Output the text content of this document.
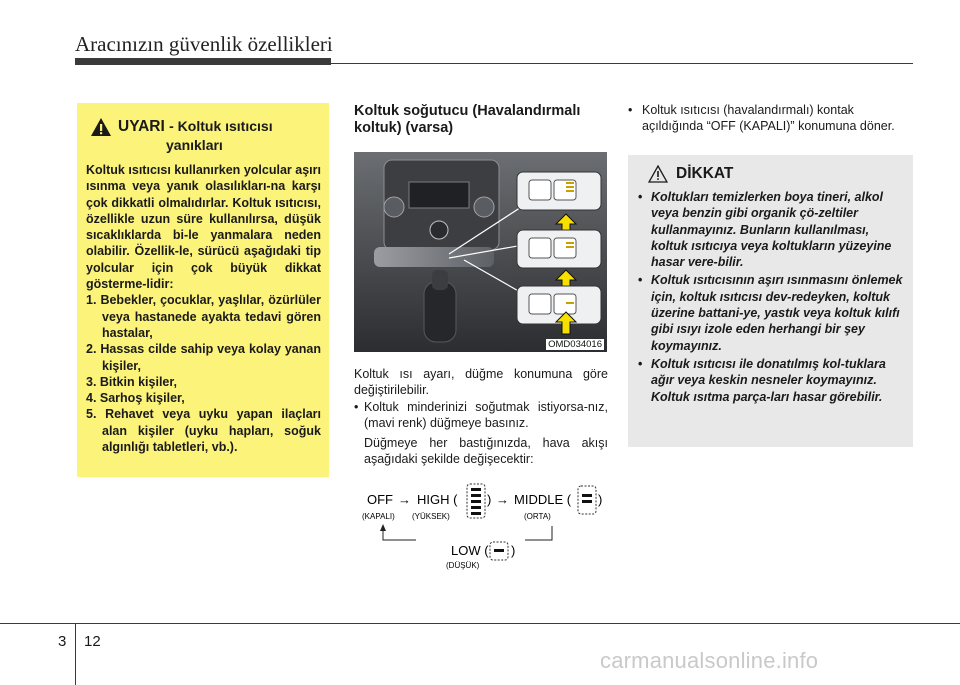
Aracınızın güvenlik özellikleri
UYARI - Koltuk ısıtıcısı
yanıkları
Koltuk ısıtıcısı kullanırken yolcular aşırı ısınma veya yanık olasılıkları-na karşı çok dikkatli olmalıdırlar. Koltuk ısıtıcısı, özellikle uzun süre kullanılırsa, düşük sıcaklıklarda bi-le yanmalara neden olabilir. Özellik-le, sürücü aşağıdaki tip yolcular için çok büyük dikkat gösterme-lidir:
1. Bebekler, çocuklar, yaşlılar, özürlüler veya hastanede ayakta tedavi gören hastalar,
2. Hassas cilde sahip veya kolay yanan kişiler,
3. Bitkin kişiler,
4. Sarhoş kişiler,
5. Rehavet veya uyku yapan ilaçları alan kişiler (uyku hapları, soğuk algınlığı tabletleri, vb.).
Koltuk soğutucu (Havalandırmalı koltuk) (varsa)
OMD034016
Koltuk ısı ayarı, düğme konumuna göre değiştirilebilir.
• Koltuk minderinizi soğutmak istiyorsa-nız, (mavi renk) düğmeye basınız.
Düğmeye her bastığınızda, hava akışı aşağıdaki şekilde değişecektir:
OFF → HIGH ( ) → MIDDLE ( )
(KAPALI) (YÜKSEK)	(ORTA)
LOW ( )
(DÜŞÜK)
• Koltuk ısıtıcısı (havalandırmalı) kontak açıldığında “OFF (KAPALI)” konumuna döner.
DİKKAT
• Koltukları temizlerken boya tineri, alkol veya benzin gibi organik çö-zeltiler kullanmayınız. Bunların kullanılması, koltuk ısıtıcıya veya koltukların yüzeyine hasar vere-bilir.
• Koltuk ısıtıcısının aşırı ısınmasını önlemek için, koltuk ısıtıcısı dev-redeyken, koltuk üzerine battani-ye, yastık veya koltuk kılıfı gibi ısıyı izole eden herhangi bir şey koymayınız.
• Koltuk ısıtıcısı ile donatılmış kol-tuklara ağır veya keskin nesneler koymayınız. Koltuk ısıtma parça-ları hasar görebilir.
3 12
carmanualsonline.info
